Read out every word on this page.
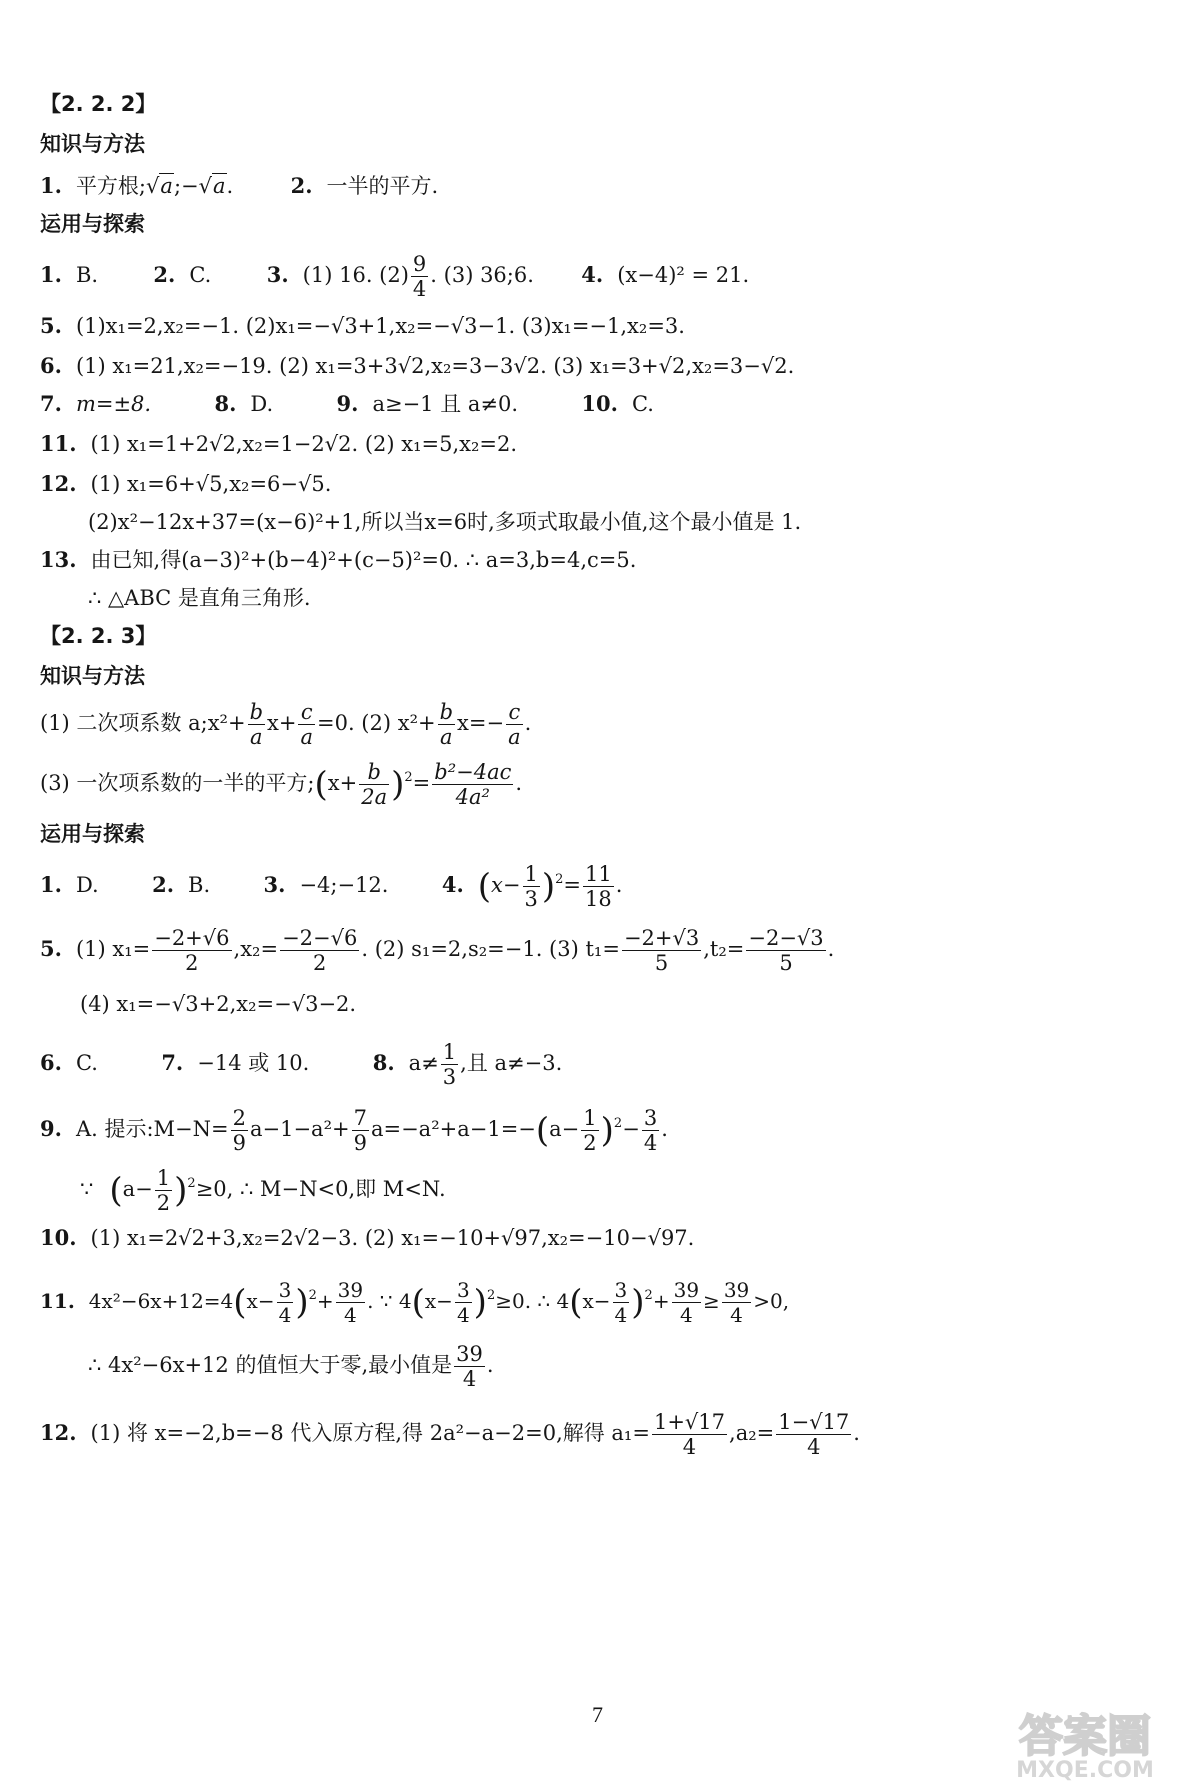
【2. 2. 2】
知识与方法
1. 平方根;√a;−√a.	2. 一半的平方.
运用与探索
1. B.	2. C.	3. (1) 16. $(2) \frac{9}{4}$ . (3) 36;6. 4. (x−4)² = 21.
5. (1)x₁=2,x₂=−1. (2)x₁=−√3+1,x₂=−√3−1. (3)x₁=−1,x₂=3.
6. (1) x₁=21,x₂=−19. (2) x₁=3+3√2,x₂=3−3√2. (3) x₁=3+√2,x₂=3−√2.
7. m=±8.	8. D.	9. a≥−1 且 a≠0.	10. C.
11. (1) x₁=1+2√2,x₂=1−2√2. (2) x₁=5,x₂=2.
12. (1) x₁=6+√5,x₂=6−√5.
(2)x²−12x+37=(x−6)²+1,所以当x=6时,多项式取最小值,这个最小值是 1.
13. 由已知,得(a−3)²+(b−4)²+(c−5)²=0. ∴ a=3,b=4,c=5.
∴ △ABC 是直角三角形.
【2. 2. 3】
知识与方法
(1) 二次项系数 a;x²+ $\frac{b}{a} x+ \frac{c}{a} =0$. (2) $x^2+ \frac{b}{a} x=- \frac{c}{a}$ .
(3) 一次项系数的一半的平方;(x+ $\frac{b}{2a} )^2= \frac{\text{b²−4ac}}{\text{4a²}}$ .
运用与探索
1. D.	2. B.	3. −4;−12.	4. $(x- \frac{1}{3} )^2= \frac{11}{18}$ .
5. (1) $x_1= \frac{-2+√6}{2} ,x_2= \frac{-2-√6}{2}$ . (2) s₁=2,s₂=−1. (3) $t_1= \frac{-2+√3}{5} ,t_2= \frac{-2-√3}{5}$ .
(4) x₁=−√3+2,x₂=−√3−2.
6. C.	7. −14 或 10.	8. $a\ne \frac{1}{3}$ ,且 a≠−3.
9. A. 提示:M−N= $\frac{2}{9} a-1-a^2+ \frac{7}{9} a=-a^2+a-1=-(a- \frac{1}{2} )^2- \frac{3}{4}$ .
∵ $(a- \frac{1}{2} )^2\ge 0$, ∴ M−N<0,即 M<N.
10. (1) x₁=2√2+3,x₂=2√2−3. (2) x₁=−10+√97,x₂=−10−√97.
11. $4x^2-6x+12=4(x- \frac{3}{4} )^2+ \frac{39}{4}$ . ∵ $4(x- \frac{3}{4} )^2\ge 0$. ∴ $4(x- \frac{3}{4} )^2+ \frac{39}{4} \ge \frac{39}{4} >0$,
∴ 4x²−6x+12 的值恒大于零,最小值是 $\frac{39}{4}$ .
12. (1) 将 x=−2,b=−8 代入原方程,得 2a²−a−2=0,解得 $a_1= \frac{1+√17}{4} ,a_2= \frac{1-√17}{4}$ .
7	答案圈
MXQE.COM
